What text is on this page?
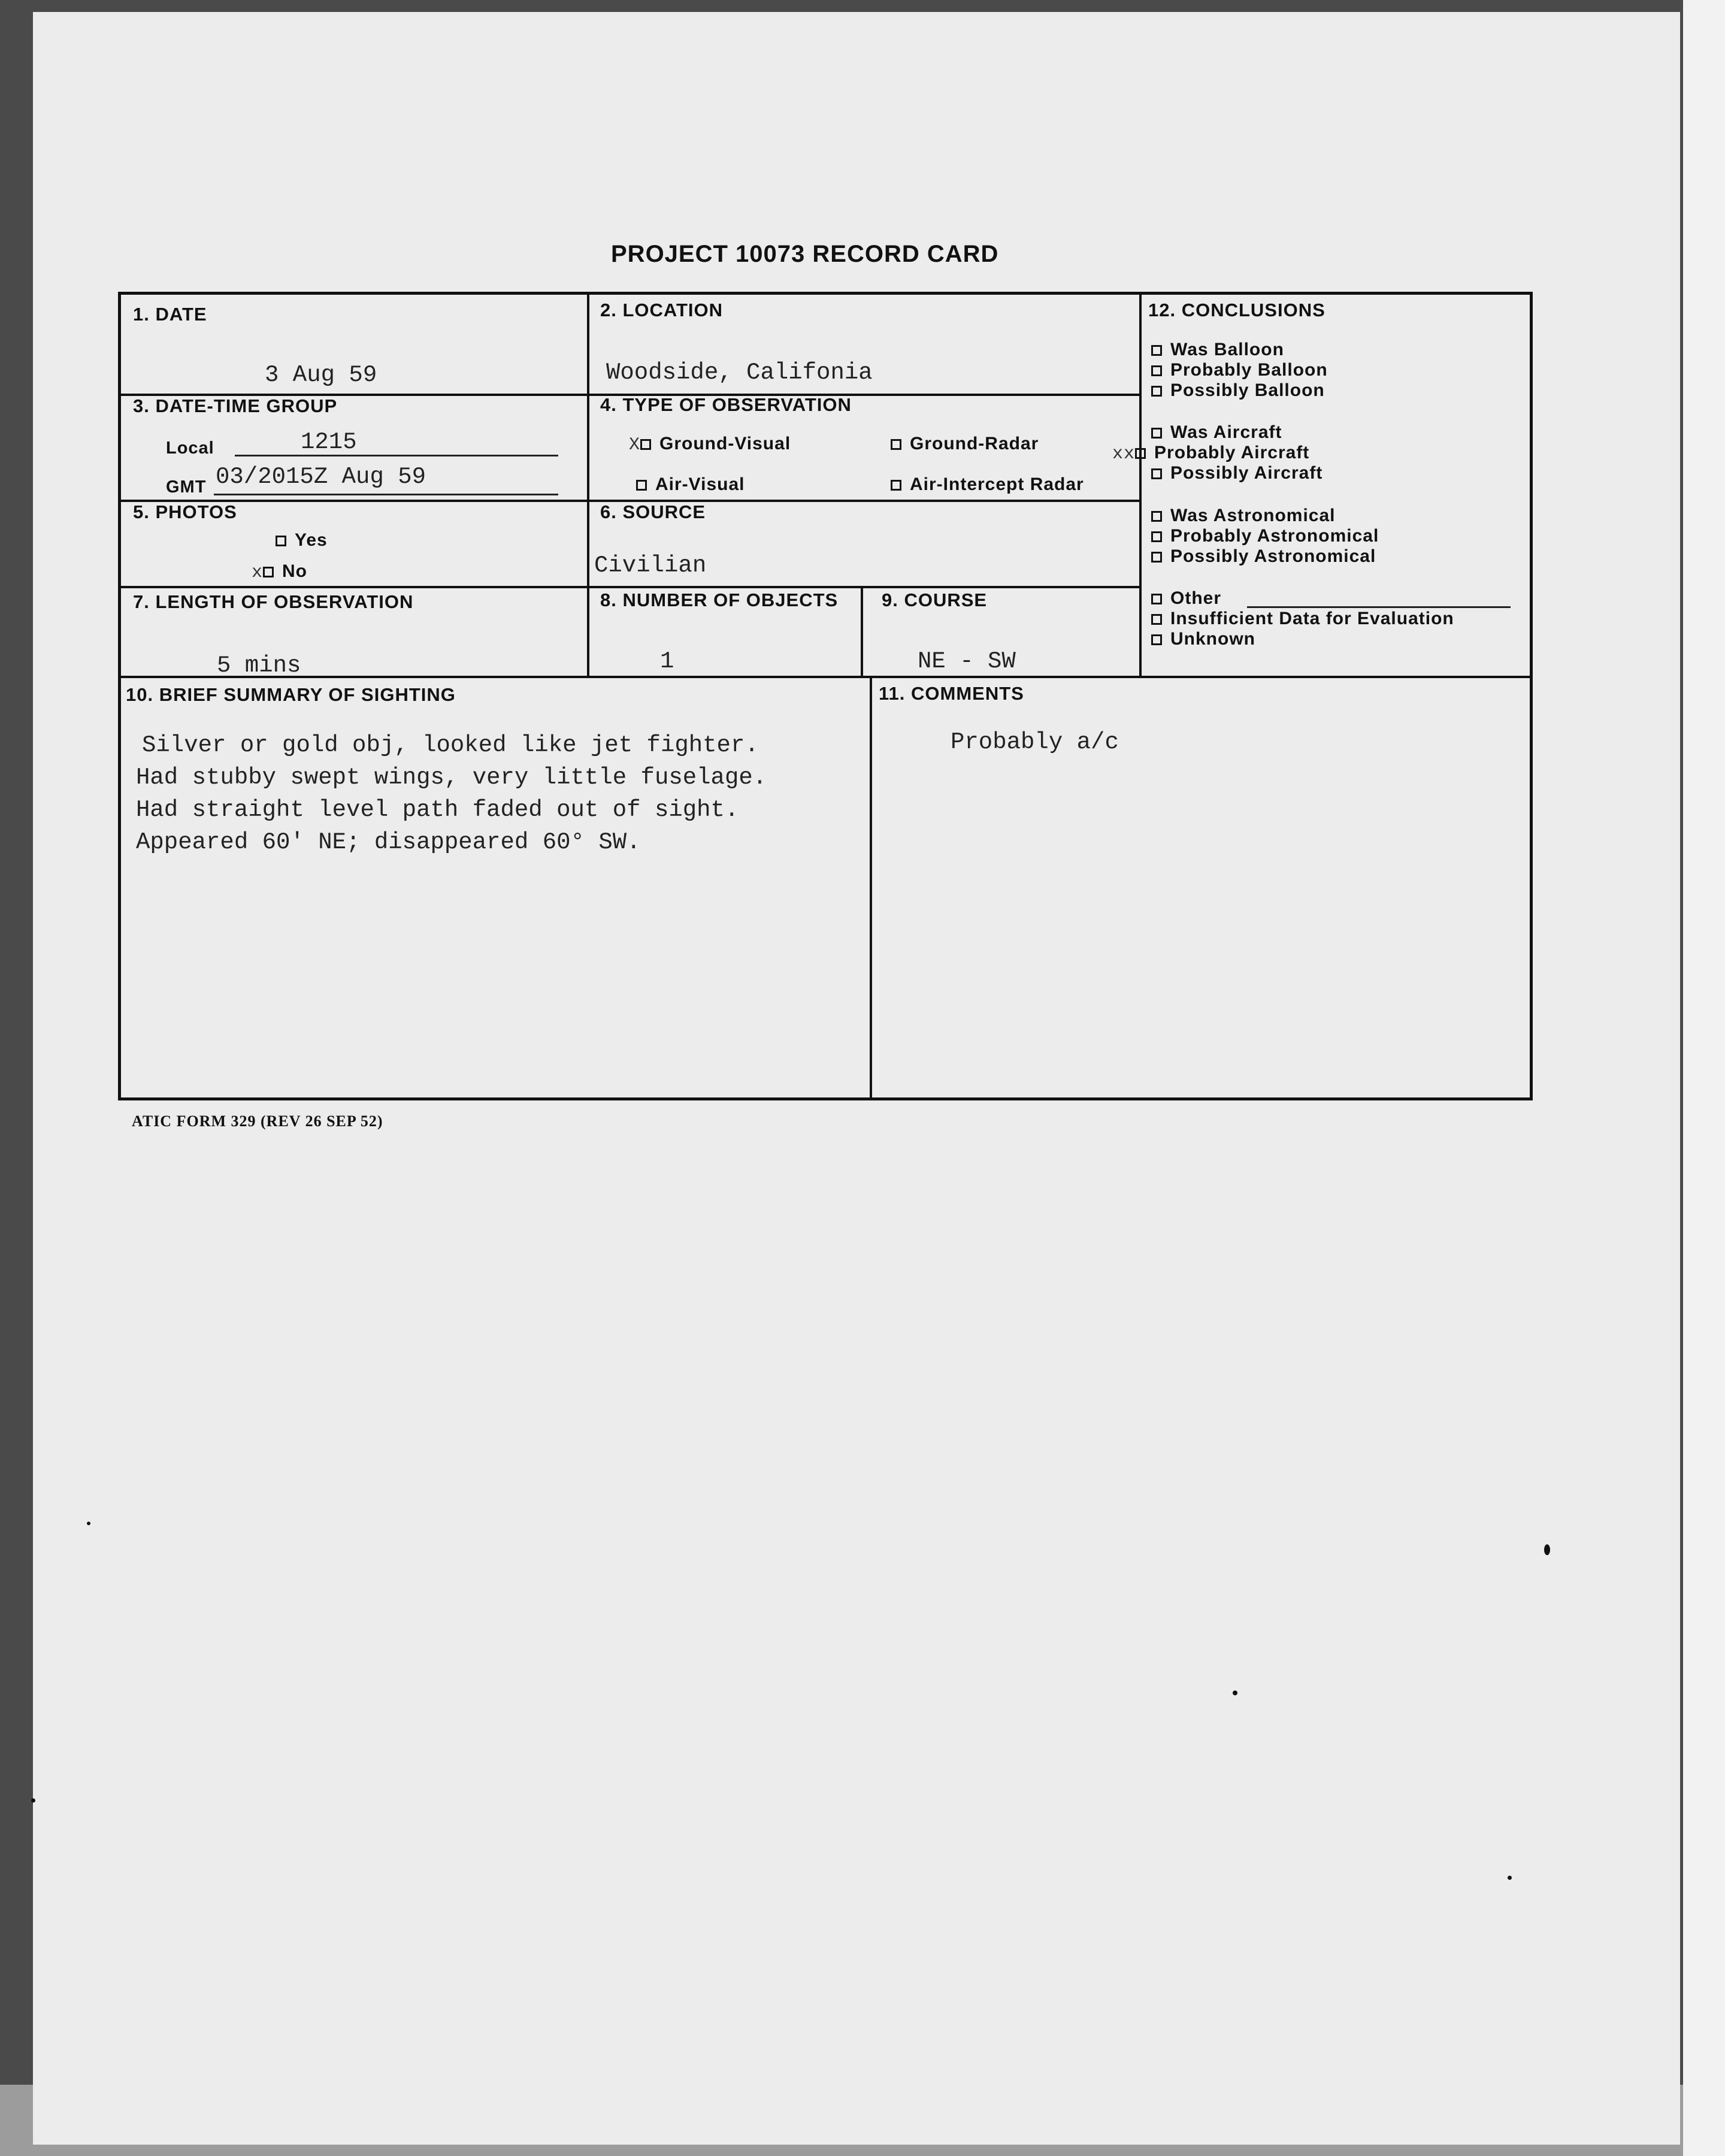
PROJECT 10073 RECORD CARD
1. DATE
3 Aug 59
2. LOCATION
Woodside, Califonia
3. DATE-TIME GROUP
Local	1215
GMT 03/2015Z Aug 59
4. TYPE OF OBSERVATION
X Ground-Visual	Ground-Radar
Air-Visual	Air-Intercept Radar
5. PHOTOS
Yes
x No
6. SOURCE
Civilian
7. LENGTH OF OBSERVATION
5 mins
8. NUMBER OF OBJECTS
1
9. COURSE
NE - SW
10. BRIEF SUMMARY OF SIGHTING
Silver or gold obj, looked like jet fighter.
Had stubby swept wings, very little fuselage.
Had straight level path faded out of sight.
Appeared 60' NE; disappeared 60° SW.
11. COMMENTS
Probably a/c
12. CONCLUSIONS
Was Balloon
Probably Balloon
Possibly Balloon
Was Aircraft
xx Probably Aircraft
Possibly Aircraft
Was Astronomical
Probably Astronomical
Possibly Astronomical
Other
Insufficient Data for Evaluation
Unknown
ATIC FORM 329 (REV 26 SEP 52)
